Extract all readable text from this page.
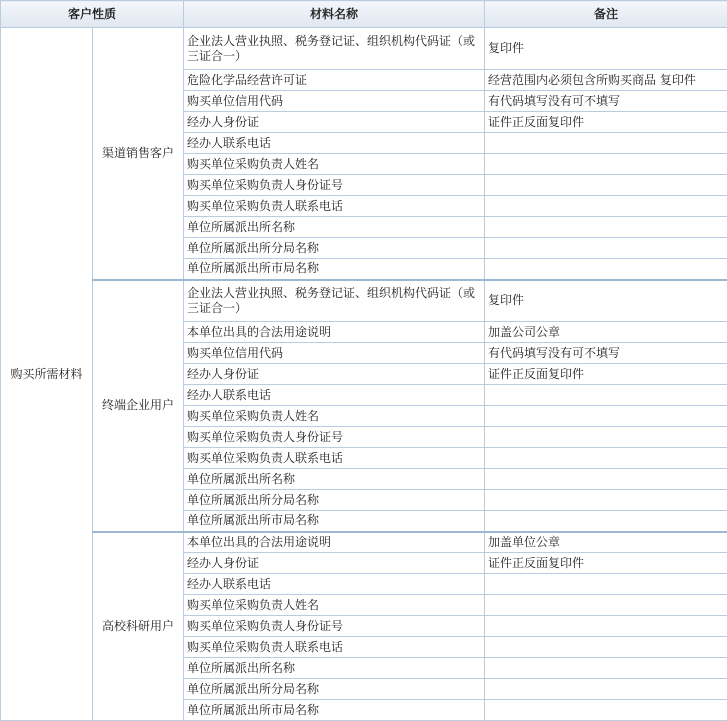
客户性质		材料名称	备注
购买所需材料	渠道销售客户	企业法人营业执照、税务登记证、组织机构代码证（或三证合一）	复印件
		危险化学品经营许可证	经营范围内必须包含所购买商品 复印件
		购买单位信用代码	有代码填写没有可不填写
		经办人身份证	证件正反面复印件
		经办人联系电话	
		购买单位采购负责人姓名	
		购买单位采购负责人身份证号	
		购买单位采购负责人联系电话	
		单位所属派出所名称	
		单位所属派出所分局名称	
		单位所属派出所市局名称	
	终端企业用户	企业法人营业执照、税务登记证、组织机构代码证（或三证合一）	复印件
		本单位出具的合法用途说明	加盖公司公章
		购买单位信用代码	有代码填写没有可不填写
		经办人身份证	证件正反面复印件
		经办人联系电话	
		购买单位采购负责人姓名	
		购买单位采购负责人身份证号	
		购买单位采购负责人联系电话	
		单位所属派出所名称	
		单位所属派出所分局名称	
		单位所属派出所市局名称	
	高校科研用户	本单位出具的合法用途说明	加盖单位公章
		经办人身份证	证件正反面复印件
		经办人联系电话	
		购买单位采购负责人姓名	
		购买单位采购负责人身份证号	
		购买单位采购负责人联系电话	
		单位所属派出所名称	
		单位所属派出所分局名称	
		单位所属派出所市局名称	
